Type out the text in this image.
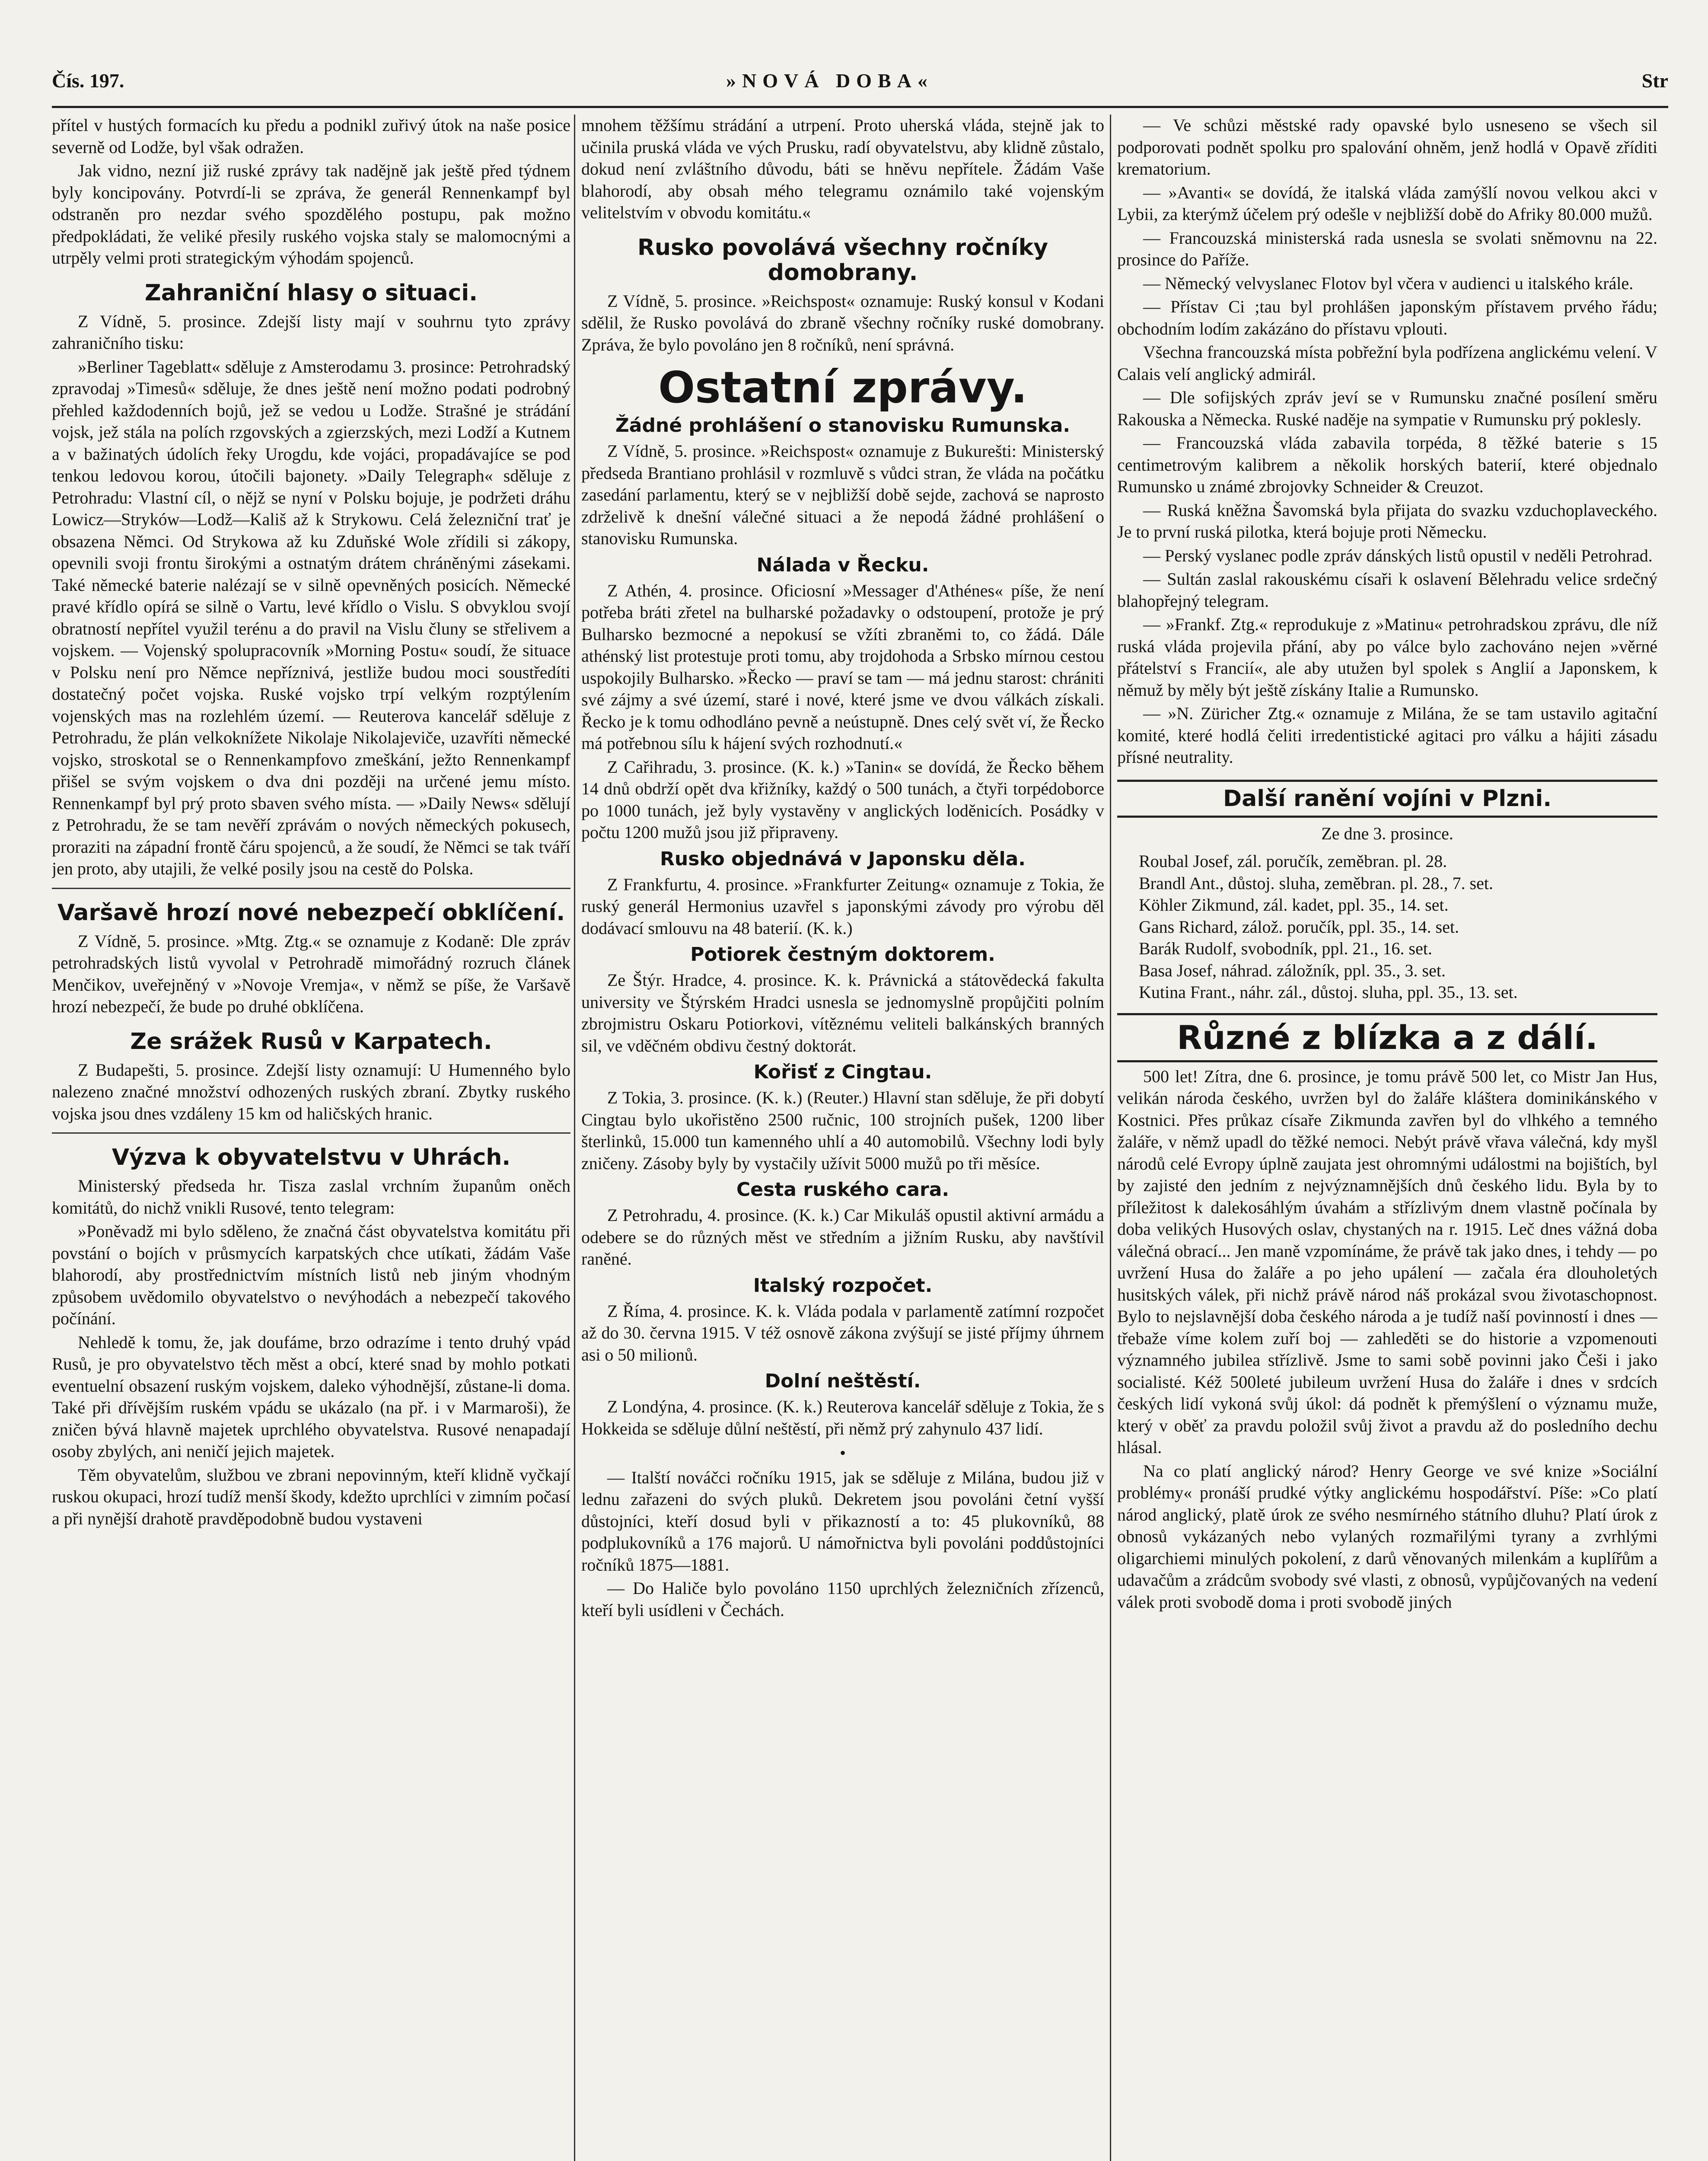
Čís. 197.	»NOVÁ DOBA«	Str

přítel v hustých formacích ku předu a podnikl zuřivý útok na naše posice severně od Lodže, byl však odražen.

Jak vidno, nezní již ruské zprávy tak nadějně jak ještě před týdnem byly koncipovány. Potvrdí-li se zpráva, že generál Rennenkampf byl odstraněn pro nezdar svého spozdělého postupu, pak možno předpokládati, že veliké přesily ruského vojska staly se malomocnými a utrpěly velmi proti strategickým výhodám spojenců.

Zahraniční hlasy o situaci.

Z Vídně, 5. prosince. Zdejší listy mají v souhrnu tyto zprávy zahraničního tisku:

»Berliner Tageblatt« sděluje z Amsterodamu 3. prosince: Petrohradský zpravodaj »Timesů« sděluje, že dnes ještě není možno podati podrobný přehled každodenních bojů, jež se vedou u Lodže. Strašné je strádání vojsk, jež stála na polích rzgovských a zgierzských, mezi Lodží a Kutnem a v bažinatých údolích řeky Urogdu, kde vojáci, propadávajíce se pod tenkou ledovou korou, útočili bajonety. »Daily Telegraph« sděluje z Petrohradu: Vlastní cíl, o nějž se nyní v Polsku bojuje, je podržeti dráhu Lowicz—Stryków—Lodž—Kališ až k Strykowu. Celá železniční trať je obsazena Němci. Od Strykowa až ku Zduňské Wole zřídili si zákopy, opevnili svoji frontu širokými a ostnatým drátem chráněnými zásekami. Také německé baterie nalézají se v silně opevněných posicích. Německé pravé křídlo opírá se silně o Vartu, levé křídlo o Vislu. S obvyklou svojí obratností nepřítel využil terénu a do pravil na Vislu čluny se střelivem a vojskem. — Vojenský spolupracovník »Morning Postu« soudí, že situace v Polsku není pro Němce nepříznivá, jestliže budou moci soustředíti dostatečný počet vojska. Ruské vojsko trpí velkým rozptýlením vojenských mas na rozlehlém území. — Reuterova kancelář sděluje z Petrohradu, že plán velkoknížete Nikolaje Nikolajeviče, uzavříti německé vojsko, stroskotal se o Rennenkampfovo zmeškání, ježto Rennenkampf přišel se svým vojskem o dva dni později na určené jemu místo. Rennenkampf byl prý proto sbaven svého místa. — »Daily News« sdělují z Petrohradu, že se tam nevěří zprávám o nových německých pokusech, proraziti na západní frontě čáru spojenců, a že soudí, že Němci se tak tváří jen proto, aby utajili, že velké posily jsou na cestě do Polska.

Varšavě hrozí nové nebezpečí obklíčení.

Z Vídně, 5. prosince. »Mtg. Ztg.« se oznamuje z Kodaně: Dle zpráv petrohradských listů vyvolal v Petrohradě mimořádný rozruch článek Menčikov, uveřejněný v »Novoje Vremja«, v němž se píše, že Varšavě hrozí nebezpečí, že bude po druhé obklíčena.

Ze srážek Rusů v Karpatech.

Z Budapešti, 5. prosince. Zdejší listy oznamují: U Humenného bylo nalezeno značné množství odhozených ruských zbraní. Zbytky ruského vojska jsou dnes vzdáleny 15 km od haličských hranic.

Výzva k obyvatelstvu v Uhrách.

Ministerský předseda hr. Tisza zaslal vrchním županům oněch komitátů, do nichž vnikli Rusové, tento telegram:

»Poněvadž mi bylo sděleno, že značná část obyvatelstva komitátu při povstání o bojích v průsmycích karpatských chce utíkati, žádám Vaše blahorodí, aby prostřednictvím místních listů neb jiným vhodným způsobem uvědomilo obyvatelstvo o nevýhodách a nebezpečí takového počínání.

Nehledě k tomu, že, jak doufáme, brzo odrazíme i tento druhý vpád Rusů, je pro obyvatelstvo těch měst a obcí, které snad by mohlo potkati eventuelní obsazení ruským vojskem, daleko výhodnější, zůstane-li doma. Také při dřívějším ruském vpádu se ukázalo (na př. i v Marmaroši), že zničen bývá hlavně majetek uprchlého obyvatelstva. Rusové nenapadají osoby zbylých, ani neničí jejich majetek.

Těm obyvatelům, službou ve zbrani nepovinným, kteří klidně vyčkají ruskou okupaci, hrozí tudíž menší škody, kdežto uprchlíci v zimním počasí a při nynější drahotě pravděpodobně budou vystaveni

mnohem těžšímu strádání a utrpení. Proto uherská vláda, stejně jak to učinila pruská vláda ve vých Prusku, radí obyvatelstvu, aby klidně zůstalo, dokud není zvláštního důvodu, báti se hněvu nepřítele. Žádám Vaše blahorodí, aby obsah mého telegramu oznámilo také vojenským velitelstvím v obvodu komitátu.«

Rusko povolává všechny ročníky domobrany.

Z Vídně, 5. prosince. »Reichspost« oznamuje: Ruský konsul v Kodani sdělil, že Rusko povolává do zbraně všechny ročníky ruské domobrany. Zpráva, že bylo povoláno jen 8 ročníků, není správná.

Ostatní zprávy.
Žádné prohlášení o stanovisku Rumunska.

Z Vídně, 5. prosince. »Reichspost« oznamuje z Bukurešti: Ministerský předseda Brantiano prohlásil v rozmluvě s vůdci stran, že vláda na počátku zasedání parlamentu, který se v nejbližší době sejde, zachová se naprosto zdrželivě k dnešní válečné situaci a že nepodá žádné prohlášení o stanovisku Rumunska.

Nálada v Řecku.

Z Athén, 4. prosince. Oficiosní »Messager d'Athénes« píše, že není potřeba bráti zřetel na bulharské požadavky o odstoupení, protože je prý Bulharsko bezmocné a nepokusí se vžíti zbraněmi to, co žádá. Dále athénský list protestuje proti tomu, aby trojdohoda a Srbsko mírnou cestou uspokojily Bulharsko. »Řecko — praví se tam — má jednu starost: chrániti své zájmy a své území, staré i nové, které jsme ve dvou válkách získali. Řecko je k tomu odhodláno pevně a neústupně. Dnes celý svět ví, že Řecko má potřebnou sílu k hájení svých rozhodnutí.«

Z Cařihradu, 3. prosince. (K. k.) »Tanin« se dovídá, že Řecko během 14 dnů obdrží opět dva křižníky, každý o 500 tunách, a čtyři torpédoborce po 1000 tunách, jež byly vystavěny v anglických loděnicích. Posádky v počtu 1200 mužů jsou již připraveny.

Rusko objednává v Japonsku děla.

Z Frankfurtu, 4. prosince. »Frankfurter Zeitung« oznamuje z Tokia, že ruský generál Hermonius uzavřel s japonskými závody pro výrobu děl dodávací smlouvu na 48 baterií. (K. k.)

Potiorek čestným doktorem.

Ze Štýr. Hradce, 4. prosince. K. k. Právnická a státovědecká fakulta university ve Štýrském Hradci usnesla se jednomyslně propůjčiti polním zbrojmistru Oskaru Potiorkovi, vítěznému veliteli balkánských branných sil, ve vděčném obdivu čestný doktorát.

Kořisť z Cingtau.

Z Tokia, 3. prosince. (K. k.) (Reuter.) Hlavní stan sděluje, že při dobytí Cingtau bylo ukořistěno 2500 ručnic, 100 strojních pušek, 1200 liber šterlinků, 15.000 tun kamenného uhlí a 40 automobilů. Všechny lodi byly zničeny. Zásoby byly by vystačily užívit 5000 mužů po tři měsíce.

Cesta ruského cara.

Z Petrohradu, 4. prosince. (K. k.) Car Mikuláš opustil aktivní armádu a odebere se do různých měst ve středním a jižním Rusku, aby navštívil raněné.

Italský rozpočet.

Z Říma, 4. prosince. K. k. Vláda podala v parlamentě zatímní rozpočet až do 30. června 1915. V též osnově zákona zvýšují se jisté příjmy úhrnem asi o 50 milionů.

Dolní neštěstí.

Z Londýna, 4. prosince. (K. k.) Reuterova kancelář sděluje z Tokia, že s Hokkeida se sděluje důlní neštěstí, při němž prý zahynulo 437 lidí.

•

— Italští nováčci ročníku 1915, jak se sděluje z Milána, budou již v lednu zařazeni do svých pluků. Dekretem jsou povoláni četní vyšší důstojníci, kteří dosud byli v přikazností a to: 45 plukovníků, 88 podplukovníků a 176 majorů. U námořnictva byli povoláni poddůstojníci ročníků 1875—1881.

— Do Haliče bylo povoláno 1150 uprchlých železničních zřízenců, kteří byli usídleni v Čechách.

— Ve schůzi městské rady opavské bylo usneseno se všech sil podporovati podnět spolku pro spalování ohněm, jenž hodlá v Opavě zříditi krematorium.

— »Avanti« se dovídá, že italská vláda zamýšlí novou velkou akci v Lybii, za kterýmž účelem prý odešle v nejbližší době do Afriky 80.000 mužů.

— Francouzská ministerská rada usnesla se svolati sněmovnu na 22. prosince do Paříže.

— Německý velvyslanec Flotov byl včera v audienci u italského krále.

— Přístav Ci ;tau byl prohlášen japonským přístavem prvého řádu; obchodním lodím zakázáno do přístavu vplouti.

Všechna francouzská místa pobřežní byla podřízena anglickému velení. V Calais velí anglický admirál.

— Dle sofijských zpráv jeví se v Rumunsku značné posílení směru Rakouska a Německa. Ruské naděje na sympatie v Rumunsku prý poklesly.

— Francouzská vláda zabavila torpéda, 8 těžké baterie s 15 centimetrovým kalibrem a několik horských baterií, které objednalo Rumunsko u známé zbrojovky Schneider & Creuzot.

— Ruská kněžna Šavomská byla přijata do svazku vzduchoplaveckého. Je to první ruská pilotka, která bojuje proti Německu.

— Perský vyslanec podle zpráv dánských listů opustil v neděli Petrohrad.

— Sultán zaslal rakouskému císaři k oslavení Bělehradu velice srdečný blahopřejný telegram.

— »Frankf. Ztg.« reprodukuje z »Matinu« petrohradskou zprávu, dle níž ruská vláda projevila přání, aby po válce bylo zachováno nejen »věrné přátelství s Francií«, ale aby utužen byl spolek s Anglií a Japonskem, k němuž by měly být ještě získány Italie a Rumunsko.

— »N. Züricher Ztg.« oznamuje z Milána, že se tam ustavilo agitační komité, které hodlá čeliti irredentistické agitaci pro válku a hájiti zásadu přísné neutrality.

Další ranění vojíni v Plzni.
Ze dne 3. prosince.
Roubal Josef, zál. poručík, zeměbran. pl. 28.
Brandl Ant., důstoj. sluha, zeměbran. pl. 28., 7. set.
Köhler Zikmund, zál. kadet, ppl. 35., 14. set.
Gans Richard, zálož. poručík, ppl. 35., 14. set.
Barák Rudolf, svobodník, ppl. 21., 16. set.
Basa Josef, náhrad. záložník, ppl. 35., 3. set.
Kutina Frant., náhr. zál., důstoj. sluha, ppl. 35., 13. set.
Různé z blízka a z dálí.

500 let! Zítra, dne 6. prosince, je tomu právě 500 let, co Mistr Jan Hus, velikán národa českého, uvržen byl do žaláře kláštera dominikánského v Kostnici. Přes průkaz císaře Zikmunda zavřen byl do vlhkého a temného žaláře, v němž upadl do těžké nemoci. Nebýt právě vřava válečná, kdy myšl národů celé Evropy úplně zaujata jest ohromnými událostmi na bojištích, byl by zajisté den jedním z nejvýznamnějších dnů českého lidu. Byla by to příležitost k dalekosáhlým úvahám a střízlivým dnem vlastně počínala by doba velikých Husových oslav, chystaných na r. 1915. Leč dnes vážná doba válečná obrací... Jen maně vzpomínáme, že právě tak jako dnes, i tehdy — po uvržení Husa do žaláře a po jeho upálení — začala éra dlouholetých husitských válek, při nichž právě národ náš prokázal svou životaschopnost. Bylo to nejslavnější doba českého národa a je tudíž naší povinností i dnes — třebaže víme kolem zuří boj — zahleděti se do historie a vzpomenouti významného jubilea střízlivě. Jsme to sami sobě povinni jako Češi i jako socialisté. Kéž 500leté jubileum uvržení Husa do žaláře i dnes v srdcích českých lidí vykoná svůj úkol: dá podnět k přemýšlení o významu muže, který v oběť za pravdu položil svůj život a pravdu až do posledního dechu hlásal.

Na co platí anglický národ? Henry George ve své knize »Sociální problémy« pronáší prudké výtky anglickému hospodářství. Píše: »Co platí národ anglický, platě úrok ze svého nesmírného státního dluhu? Platí úrok z obnosů vykázaných nebo vylaných rozmařilými tyrany a zvrhlými oligarchiemi minulých pokolení, z darů věnovaných milenkám a kuplířům a udavačům a zrádcům svobody své vlasti, z obnosů, vypůjčovaných na vedení válek proti svobodě doma i proti svobodě jiných
